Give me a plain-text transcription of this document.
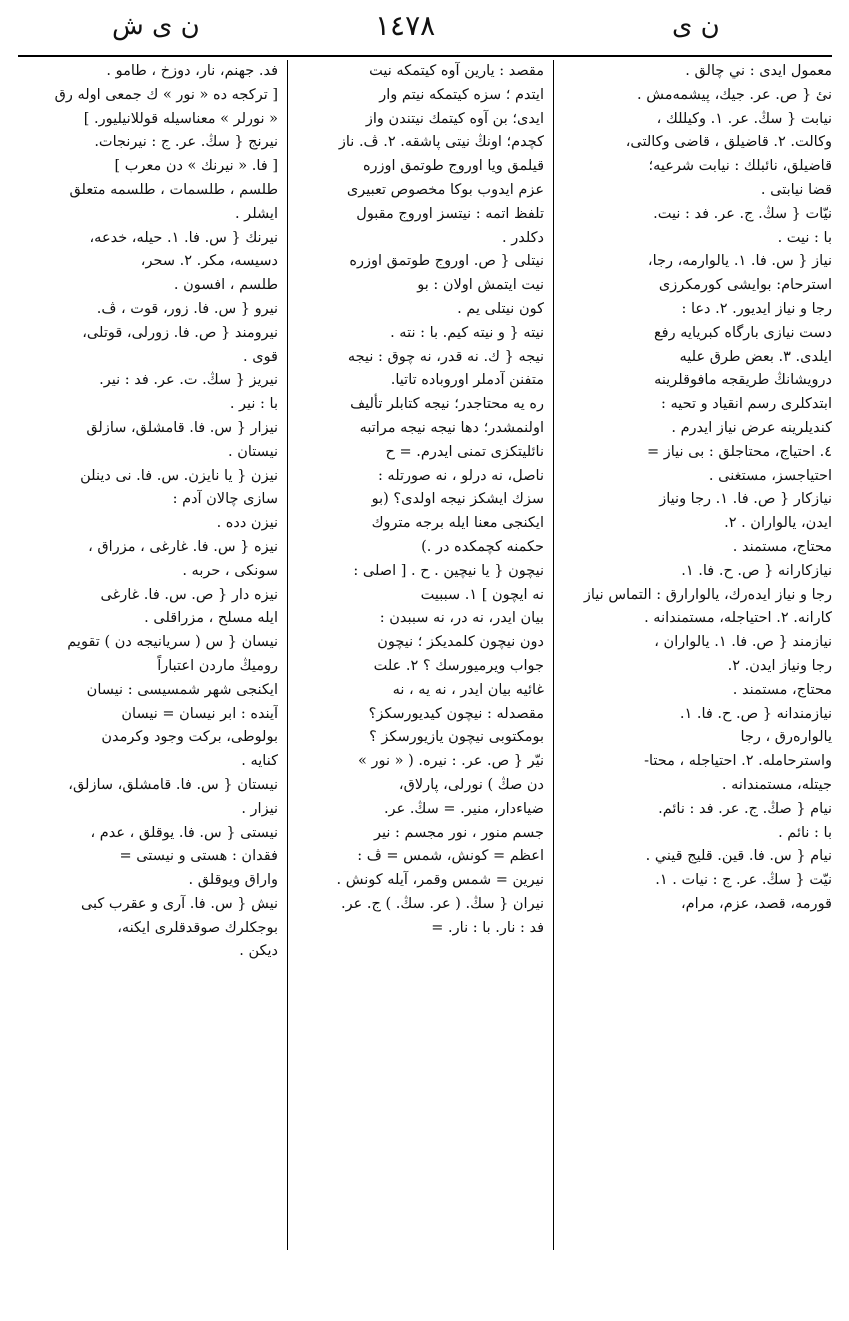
ن ى ش	١٤٧٨	ن ى
معمول ايدى : ني چالق .
نىٔ { ص. عر. جيك، پيشمەمش .
نيابت { سڭ. عر. ١. وكيللك ،
وكالت. ٢. قاضيلق ، قاضى وكالتى،
قاضيلق، نائبلك : نيابت شرعيه؛
قضا نيابتى .
نيّات { سڭ. ج. عر. فد : نيت.
با : نيت .
نياز { س. فا. ١. يالوارمه، رجا،
استرحام: بوايشى كورمكرزى
رجا و نياز ايديور. ٢. دعا :
دست نيازى بارگاه كبريايه رفع
ايلدى. ٣. بعض طرق عليه
درويشانڭ طريقجه مافوقلرينه
ابتدكلرى رسم انقياد و تحيه :
كنديلرينه عرض نياز ايدرم .
٤. احتياج، محتاجلق : بى نياز =
احتياجسز، مستغنى .
نيازكار { ص. فا. ١. رجا ونياز
ايدن، يالواران . ٢.
محتاج، مستمند .
نيازكارانه { ص. ح. فا. ١.
رجا و نياز ايدەرك، يالوارارق : التماس نياز
كارانه. ٢. احتياجله، مستمندانه .
نيازمند { ص. فا. ١. يالواران ،
رجا ونياز ايدن. ٢.
محتاج، مستمند .
نيازمندانه { ص. ح. فا. ١.
يالوارەرق ، رجا
واسترحامله. ٢. احتياجله ، محتا-
جيتله، مستمندانه .
نيام { صڭ. ج. عر. فد : نائم.
با : نائم .
نيام { س. فا. قين. قليج قيني .
نيّت { سڭ. عر. ج : نيات . ١.
قورمه، قصد، عزم، مرام،
مقصد : يارين آوه كيتمكه نيت
ايتدم ؛ سزه كيتمكه نيتم وار
ايدى؛ بن آوه كيتمك نيتندن واز
كچدم؛ اونڭ نيتى پاشقه. ٢. ڤ. ناز
قيلمق ويا اوروج طوتمق اوزره
عزم ايدوب بوكا مخصوص تعبيرى
تلفظ اتمه : نيتسز اوروج مقبول
دكلدر .
نيتلى { ص. اوروج طوتمق اوزره
نيت ايتمش اولان : بو
كون نيتلى يم .
نيته { و نيته كيم. با : نته .
نيجه { ك. نه قدر، نه چوق : نيجه
متفنن آدملر اوروباده تاتيا.
ره يه محتاجدر؛ نيجه كتابلر تأليف
اولنمشدر؛ دها نيجه نيجه مراتبه
نائليتكزى تمنى ايدرم. = ح
ناصل، نه درلو ، نه صورتله :
سزك ايشكز نيجه اولدى؟ (بو
ايكنجى معنا ايله برجه متروك
حكمنه كچمكده در .)
نيچون { يا نيچين . ح . [ اصلى :
نه ايچون ] ١. سببيت
بيان ايدر، نه در، نه سببدن :
دون نيچون كلمديكز ؛ نيچون
جواب ويرميورسك ؟ ٢. علت
غائيه بيان ايدر ، نه يه ، نه
مقصدله : نيچون كيديورسكز؟
بومكتوبى نيچون يازيورسكز ؟
نيّر { ص. عر. : نيره. ( « نور »
دن صڭ ) نورلى، پارلاق،
ضياءدار، منير. = سڭ. عر.
جسم منور ، نور مجسم : نير
اعظم = كونش، شمس = ڤ :
نيرين = شمس وقمر، آيله كونش .
نيران { سڭ. ( عر. سڭ. ) ج. عر.
فد : نار. با : نار. =
فد. جهنم، نار، دوزخ ، طامو .
[ تركجه ده « نور » ك جمعى اوله رق
« نورلر » معناسيله قوللانيليور. ]
نيرنج { سڭ. عر. ج : نيرنجات.
[ فا. « نيرنك » دن معرب ]
طلسم ، طلسمات ، طلسمه متعلق
ايشلر .
نيرنك { س. فا. ١. حيله، خدعه،
دسيسه، مكر. ٢. سحر،
طلسم ، افسون .
نيرو { س. فا. زور، قوت ، ڤ.
نيرومند { ص. فا. زورلى، قوتلى،
قوى .
نيريز { سڭ. ت. عر. فد : نير.
با : نير .
نيزار { س. فا. قامشلق، سازلق
نيستان .
نيزن { يا نايزن. س. فا. نى دينلن
سازى چالان آدم :
نيزن دده .
نيزه { س. فا. غارغى ، مزراق ،
سونكى ، حربه .
نيزه دار { ص. س. فا. غارغى
ايله مسلح ، مزراقلى .
نيسان { س ( سريانيجه دن ) تقويم
روميڭ ماردن اعتباراً
ايكنجى شهر شمسيسى : نيسان
آينده : ابر نيسان = نيسان
بولوطى، بركت وجود وكرمدن
كنايه .
نيستان { س. فا. قامشلق، سازلق،
نيزار .
نيستى { س. فا. يوقلق ، عدم ،
فقدان : هستى و نيستى =
واراق ويوقلق .
نيش { س. فا. آرى و عقرب كبى
بوجكلرك صوقدقلرى ايكنه،
ديكن .
